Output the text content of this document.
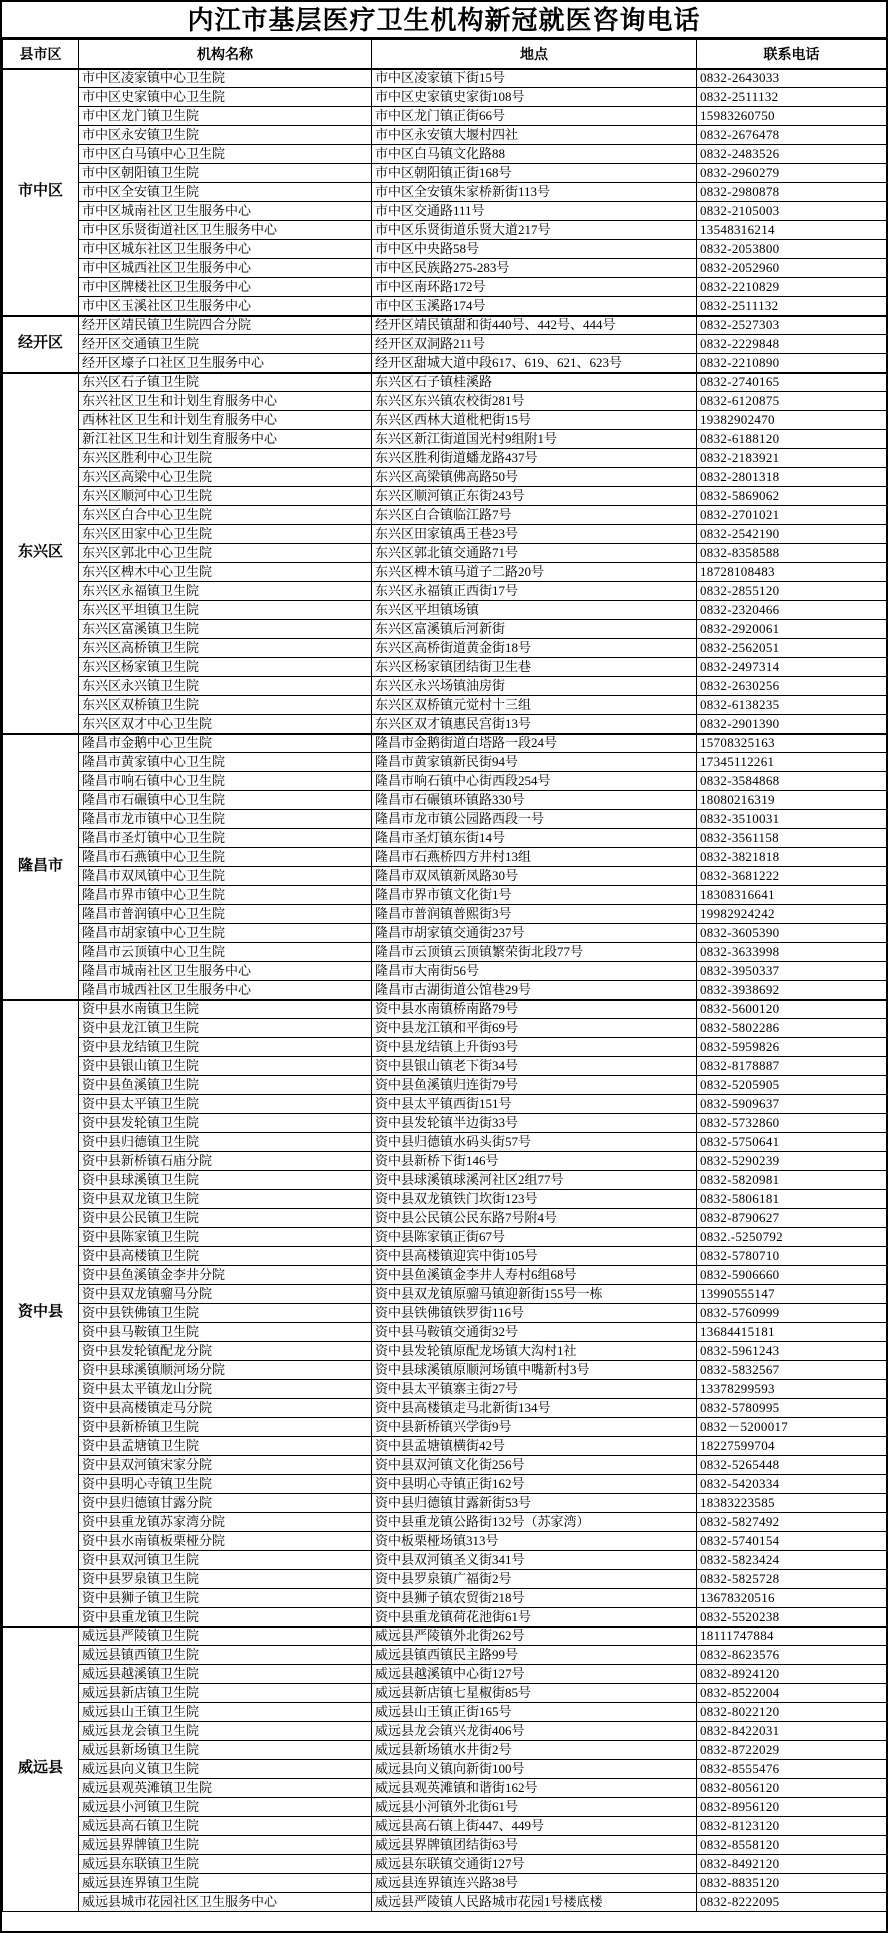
内江市基层医疗卫生机构新冠就医咨询电话
县市区	机构名称	地点	联系电话
市中区	市中区凌家镇中心卫生院	市中区凌家镇下街15号	0832-2643033
	市中区史家镇中心卫生院	市中区史家镇史家街108号	0832-2511132
	市中区龙门镇卫生院	市中区龙门镇正街66号	15983260750
	市中区永安镇卫生院	市中区永安镇大堰村四社	0832-2676478
	市中区白马镇中心卫生院	市中区白马镇文化路88	0832-2483526
	市中区朝阳镇卫生院	市中区朝阳镇正街168号	0832-2960279
	市中区全安镇卫生院	市中区全安镇朱家桥新街113号	0832-2980878
	市中区城南社区卫生服务中心	市中区交通路111号	0832-2105003
	市中区乐贤街道社区卫生服务中心	市中区乐贤街道乐贤大道217号	13548316214
	市中区城东社区卫生服务中心	市中区中央路58号	0832-2053800
	市中区城西社区卫生服务中心	市中区民族路275-283号	0832-2052960
	市中区牌楼社区卫生服务中心	市中区南环路172号	0832-2210829
	市中区玉溪社区卫生服务中心	市中区玉溪路174号	0832-2511132
经开区	经开区靖民镇卫生院四合分院	经开区靖民镇甜和街440号、442号、444号	0832-2527303
	经开区交通镇卫生院	经开区双洞路211号	0832-2229848
	经开区壕子口社区卫生服务中心	经开区甜城大道中段617、619、621、623号	0832-2210890
东兴区	东兴区石子镇卫生院	东兴区石子镇桂溪路	0832-2740165
	东兴社区卫生和计划生育服务中心	东兴区东兴镇农校街281号	0832-6120875
	西林社区卫生和计划生育服务中心	东兴区西林大道枇杷街15号	19382902470
	新江社区卫生和计划生育服务中心	东兴区新江街道国光村9组附1号	0832-6188120
	东兴区胜利中心卫生院	东兴区胜利街道蟠龙路437号	0832-2183921
	东兴区高梁中心卫生院	东兴区高梁镇佛高路50号	0832-2801318
	东兴区顺河中心卫生院	东兴区顺河镇正东街243号	0832-5869062
	东兴区白合中心卫生院	东兴区白合镇临江路7号	0832-2701021
	东兴区田家中心卫生院	东兴区田家镇禹王巷23号	0832-2542190
	东兴区郭北中心卫生院	东兴区郭北镇交通路71号	0832-8358588
	东兴区椑木中心卫生院	东兴区椑木镇马道子二路20号	18728108483
	东兴区永福镇卫生院	东兴区永福镇正西街17号	0832-2855120
	东兴区平坦镇卫生院	东兴区平坦镇场镇	0832-2320466
	东兴区富溪镇卫生院	东兴区富溪镇后河新街	0832-2920061
	东兴区高桥镇卫生院	东兴区高桥街道黄金街18号	0832-2562051
	东兴区杨家镇卫生院	东兴区杨家镇团结街卫生巷	0832-2497314
	东兴区永兴镇卫生院	东兴区永兴场镇油房街	0832-2630256
	东兴区双桥镇卫生院	东兴区双桥镇元觉村十三组	0832-6138235
	东兴区双才中心卫生院	东兴区双才镇惠民宫街13号	0832-2901390
隆昌市	隆昌市金鹅中心卫生院	隆昌市金鹅街道白塔路一段24号	15708325163
	隆昌市黄家镇中心卫生院	隆昌市黄家镇新民街94号	17345112261
	隆昌市响石镇中心卫生院	隆昌市响石镇中心街西段254号	0832-3584868
	隆昌市石碾镇中心卫生院	隆昌市石碾镇环镇路330号	18080216319
	隆昌市龙市镇中心卫生院	隆昌市龙市镇公园路西段一号	0832-3510031
	隆昌市圣灯镇中心卫生院	隆昌市圣灯镇东街14号	0832-3561158
	隆昌市石燕镇中心卫生院	隆昌市石燕桥四方井村13组	0832-3821818
	隆昌市双凤镇中心卫生院	隆昌市双凤镇新凤路30号	0832-3681222
	隆昌市界市镇中心卫生院	隆昌市界市镇文化街1号	18308316641
	隆昌市普润镇中心卫生院	隆昌市普润镇普熙街3号	19982924242
	隆昌市胡家镇中心卫生院	隆昌市胡家镇交通街237号	0832-3605390
	隆昌市云顶镇中心卫生院	隆昌市云顶镇云顶镇繁荣街北段77号	0832-3633998
	隆昌市城南社区卫生服务中心	隆昌市大南街56号	0832-3950337
	隆昌市城西社区卫生服务中心	隆昌市古湖街道公馆巷29号	0832-3938692
资中县	资中县水南镇卫生院	资中县水南镇桥南路79号	0832-5600120
	资中县龙江镇卫生院	资中县龙江镇和平街69号	0832-5802286
	资中县龙结镇卫生院	资中县龙结镇上升街93号	0832-5959826
	资中县银山镇卫生院	资中县银山镇老下街34号	0832-8178887
	资中县鱼溪镇卫生院	资中县鱼溪镇归连街79号	0832-5205905
	资中县太平镇卫生院	资中县太平镇西街151号	0832-5909637
	资中县发轮镇卫生院	资中县发轮镇半边街33号	0832-5732860
	资中县归德镇卫生院	资中县归德镇水码头街57号	0832-5750641
	资中县新桥镇石庙分院	资中县新桥下街146号	0832-5290239
	资中县球溪镇卫生院	资中县球溪镇球溪河社区2组77号	0832-5820981
	资中县双龙镇卫生院	资中县双龙镇铁门坎街123号	0832-5806181
	资中县公民镇卫生院	资中县公民镇公民东路7号附4号	0832-8790627
	资中县陈家镇卫生院	资中县陈家镇正街67号	0832.-5250792
	资中县高楼镇卫生院	资中县高楼镇迎宾中街105号	0832-5780710
	资中县鱼溪镇金李井分院	资中县鱼溪镇金李井人寿村6组68号	0832-5906660
	资中县双龙镇骝马分院	资中县双龙镇原骝马镇迎新街155号一栋	13990555147
	资中县铁佛镇卫生院	资中县铁佛镇铁罗街116号	0832-5760999
	资中县马鞍镇卫生院	资中县马鞍镇交通街32号	13684415181
	资中县发轮镇配龙分院	资中县发轮镇原配龙场镇大沟村1社	0832-5961243
	资中县球溪镇顺河场分院	资中县球溪镇原顺河场镇中嘴新村3号	0832-5832567
	资中县太平镇龙山分院	资中县太平镇寨主街27号	13378299593
	资中县高楼镇走马分院	资中县高楼镇走马北新街134号	0832-5780995
	资中县新桥镇卫生院	资中县新桥镇兴学街9号	0832－5200017
	资中县孟塘镇卫生院	资中县孟塘镇横街42号	18227599704
	资中县双河镇宋家分院	资中县双河镇文化街256号	0832-5265448
	资中县明心寺镇卫生院	资中县明心寺镇正街162号	0832-5420334
	资中县归德镇甘露分院	资中县归德镇甘露新街53号	18383223585
	资中县重龙镇苏家湾分院	资中县重龙镇公路街132号（苏家湾）	0832-5827492
	资中县水南镇板栗桠分院	资中板栗桠场镇313号	0832-5740154
	资中县双河镇卫生院	资中县双河镇圣义街341号	0832-5823424
	资中县罗泉镇卫生院	资中县罗泉镇广福街2号	0832-5825728
	资中县狮子镇卫生院	资中县狮子镇农贸街218号	13678320516
	资中县重龙镇卫生院	资中县重龙镇荷花池街61号	0832-5520238
威远县	威远县严陵镇卫生院	威远县严陵镇外北街262号	18111747884
	威远县镇西镇卫生院	威远县镇西镇民主路99号	0832-8623576
	威远县越溪镇卫生院	威远县越溪镇中心街127号	0832-8924120
	威远县新店镇卫生院	威远县新店镇七星椒街85号	0832-8522004
	威远县山王镇卫生院	威远县山王镇正街165号	0832-8022120
	威远县龙会镇卫生院	威远县龙会镇兴龙街406号	0832-8422031
	威远县新场镇卫生院	威远县新场镇水井街2号	0832-8722029
	威远县向义镇卫生院	威远县向义镇向新街100号	0832-8555476
	威远县观英滩镇卫生院	威远县观英滩镇和谐街162号	0832-8056120
	威远县小河镇卫生院	威远县小河镇外北街61号	0832-8956120
	威远县高石镇卫生院	威远县高石镇上街447、449号	0832-8123120
	威远县界牌镇卫生院	威远县界牌镇团结街63号	0832-8558120
	威远县东联镇卫生院	威远县东联镇交通街127号	0832-8492120
	威远县连界镇卫生院	威远县连界镇连兴路38号	0832-8835120
	威远县城市花园社区卫生服务中心	威远县严陵镇人民路城市花园1号楼底楼	0832-8222095
